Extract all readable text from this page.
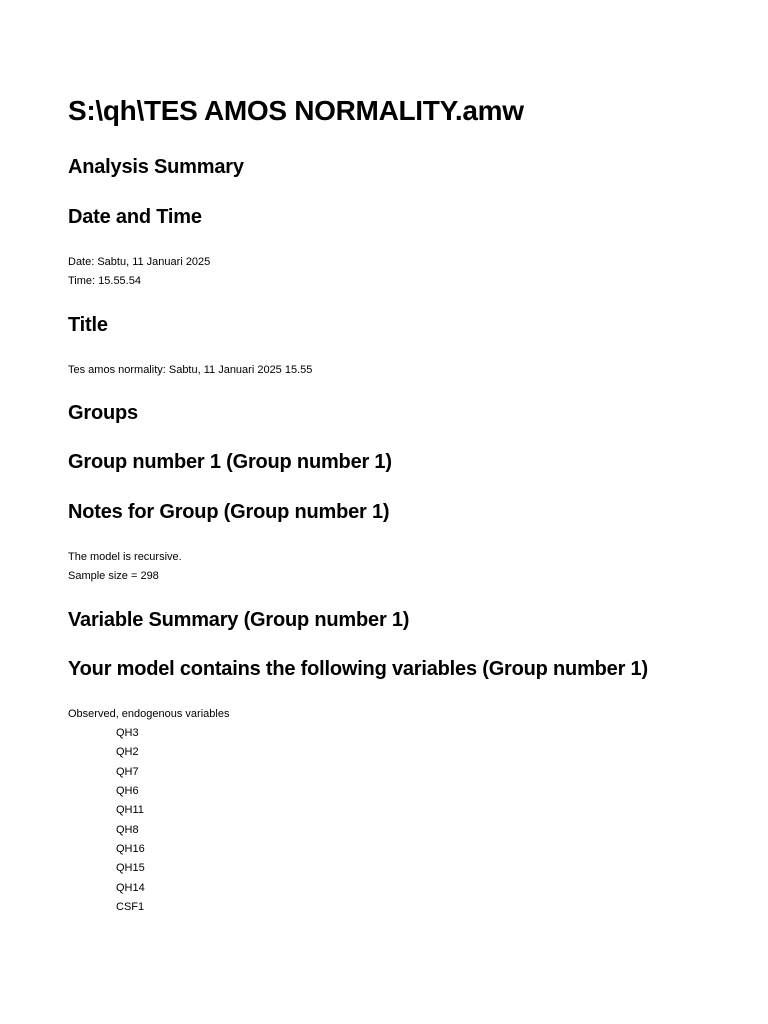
S:\qh\TES AMOS NORMALITY.amw
Analysis Summary
Date and Time
Date: Sabtu, 11 Januari 2025
Time: 15.55.54
Title
Tes amos normality: Sabtu, 11 Januari 2025 15.55
Groups
Group number 1 (Group number 1)
Notes for Group (Group number 1)
The model is recursive.
Sample size = 298
Variable Summary (Group number 1)
Your model contains the following variables (Group number 1)
Observed, endogenous variables
QH3
QH2
QH7
QH6
QH11
QH8
QH16
QH15
QH14
CSF1
